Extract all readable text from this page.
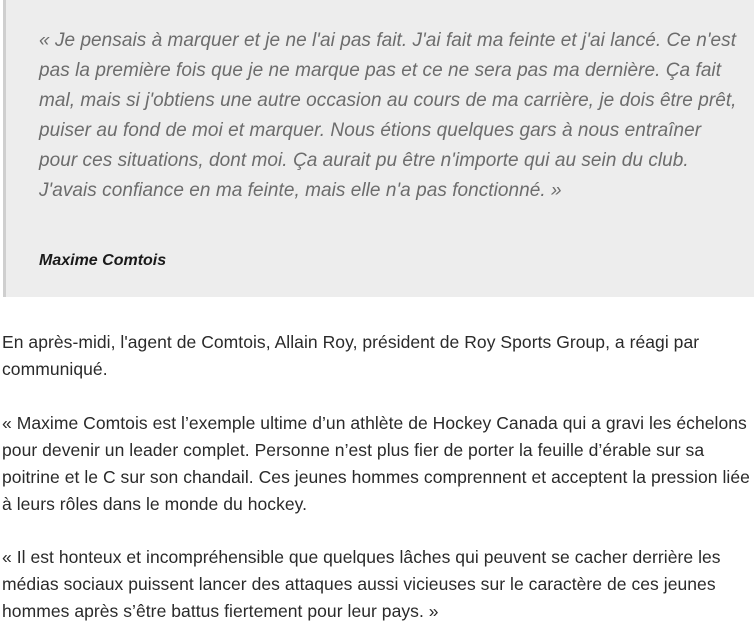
« Je pensais à marquer et je ne l'ai pas fait. J'ai fait ma feinte et j'ai lancé. Ce n'est pas la première fois que je ne marque pas et ce ne sera pas ma dernière. Ça fait mal, mais si j'obtiens une autre occasion au cours de ma carrière, je dois être prêt, puiser au fond de moi et marquer. Nous étions quelques gars à nous entraîner pour ces situations, dont moi. Ça aurait pu être n'importe qui au sein du club. J'avais confiance en ma feinte, mais elle n'a pas fonctionné. »
Maxime Comtois
En après-midi, l'agent de Comtois, Allain Roy, président de Roy Sports Group, a réagi par communiqué.
« Maxime Comtois est l’exemple ultime d’un athlète de Hockey Canada qui a gravi les échelons pour devenir un leader complet. Personne n’est plus fier de porter la feuille d’érable sur sa poitrine et le C sur son chandail. Ces jeunes hommes comprennent et acceptent la pression liée à leurs rôles dans le monde du hockey.
« Il est honteux et incompréhensible que quelques lâches qui peuvent se cacher derrière les médias sociaux puissent lancer des attaques aussi vicieuses sur le caractère de ces jeunes hommes après s’être battus fiertement pour leur pays. »
